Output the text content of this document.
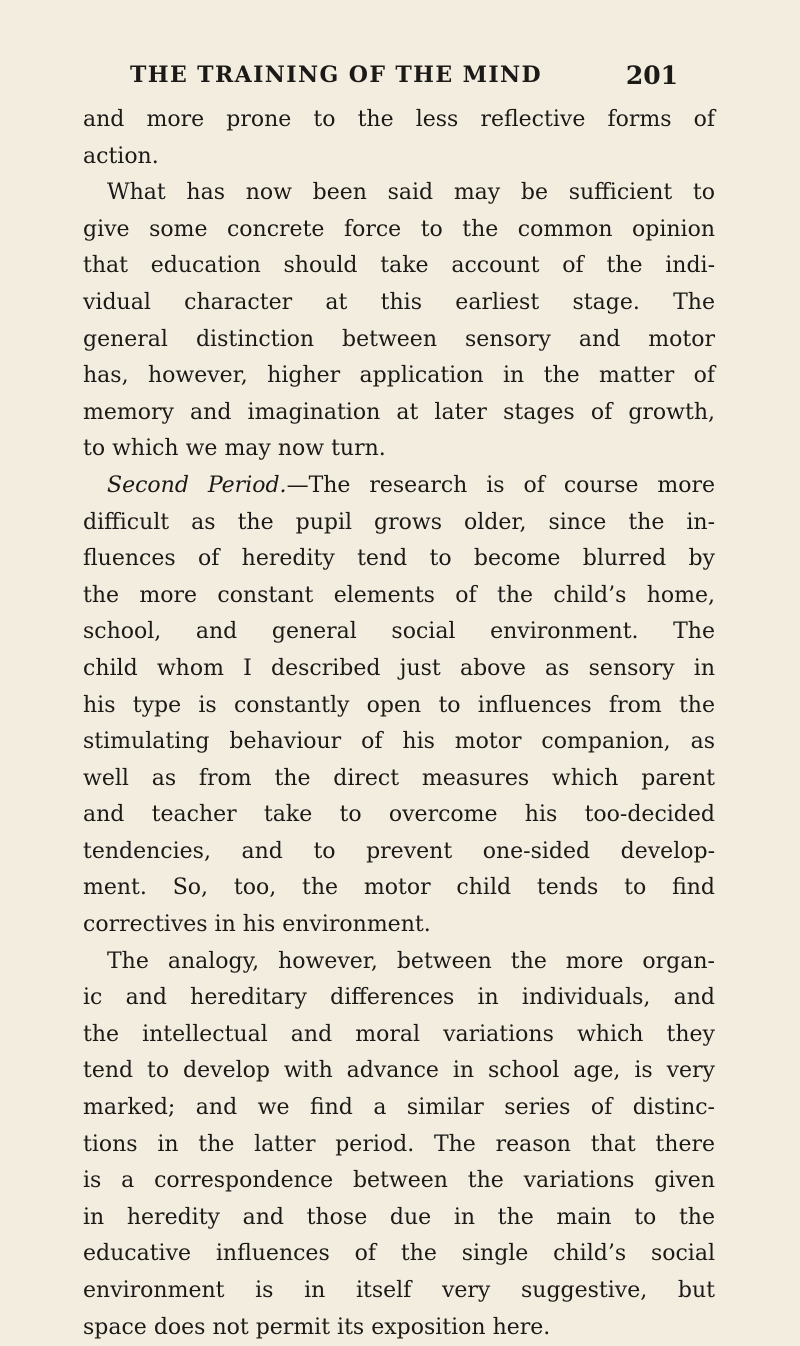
THE TRAINING OF THE MIND	201
and more prone to the less reflective forms of
action.
What has now been said may be sufficient to
give some concrete force to the common opinion
that education should take account of the indi-
vidual character at this earliest stage. The
general distinction between sensory and motor
has, however, higher application in the matter of
memory and imagination at later stages of growth,
to which we may now turn.
Second Period.—The research is of course more
difficult as the pupil grows older, since the in-
fluences of heredity tend to become blurred by
the more constant elements of the child’s home,
school, and general social environment. The
child whom I described just above as sensory in
his type is constantly open to influences from the
stimulating behaviour of his motor companion, as
well as from the direct measures which parent
and teacher take to overcome his too-decided
tendencies, and to prevent one-sided develop-
ment. So, too, the motor child tends to find
correctives in his environment.
The analogy, however, between the more organ-
ic and hereditary differences in individuals, and
the intellectual and moral variations which they
tend to develop with advance in school age, is very
marked; and we find a similar series of distinc-
tions in the latter period. The reason that there
is a correspondence between the variations given
in heredity and those due in the main to the
educative influences of the single child’s social
environment is in itself very suggestive, but
space does not permit its exposition here.
